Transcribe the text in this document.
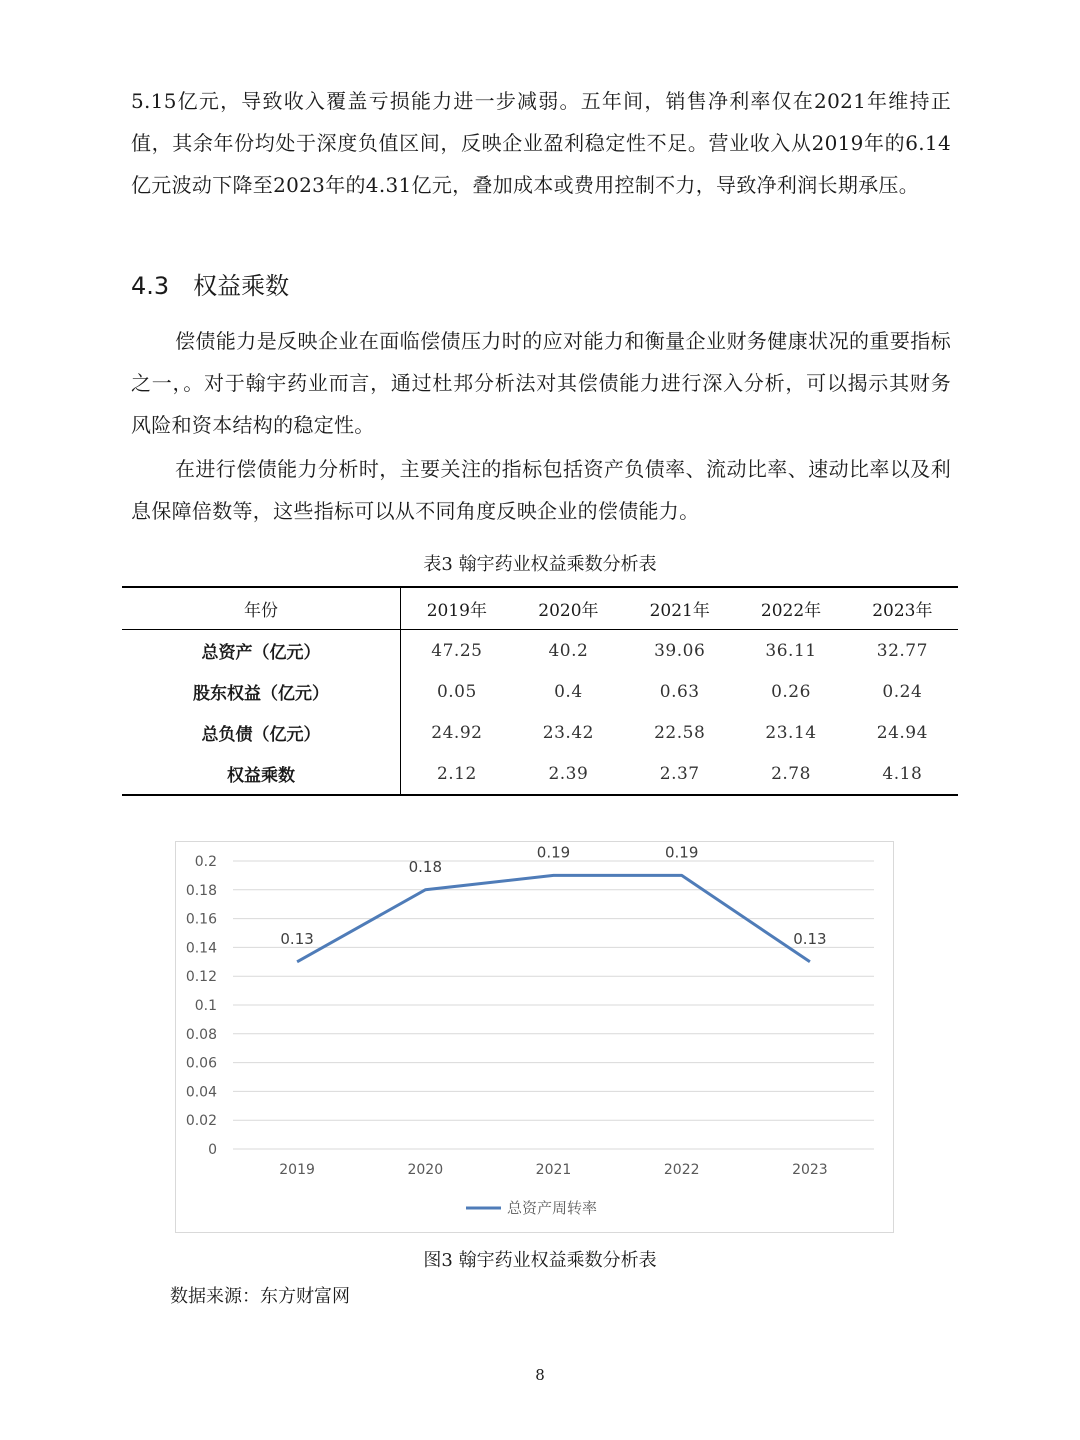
5.15亿元，导致收入覆盖亏损能力进一步减弱。五年间，销售净利率仅在2021年维持正值，其余年份均处于深度负值区间，反映企业盈利稳定性不足。营业收入从2019年的6.14亿元波动下降至2023年的4.31亿元，叠加成本或费用控制不力，导致净利润长期承压。

4.3 权益乘数

偿债能力是反映企业在面临偿债压力时的应对能力和衡量企业财务健康状况的重要指标之一，。对于翰宇药业而言，通过杜邦分析法对其偿债能力进行深入分析，可以揭示其财务风险和资本结构的稳定性。

在进行偿债能力分析时，主要关注的指标包括资产负债率、流动比率、速动比率以及利息保障倍数等，这些指标可以从不同角度反映企业的偿债能力。

表3 翰宇药业权益乘数分析表
年份	2019年	2020年	2021年	2022年	2023年
总资产（亿元）	47.25	40.2	39.06	36.11	32.77
股东权益（亿元）	0.05	0.4	0.63	0.26	0.24
总负债（亿元）	24.92	23.42	22.58	23.14	24.94
权益乘数	2.12	2.39	2.37	2.78	4.18
0
0.02
0.04
0.06
0.08
0.1
0.12
0.14
0.16
0.18
0.2
2019	2020	2021	2022	2023
0.13
0.18
0.19	0.19
0.13
总资产周转率
图3 翰宇药业权益乘数分析表
数据来源：东方财富网
8
